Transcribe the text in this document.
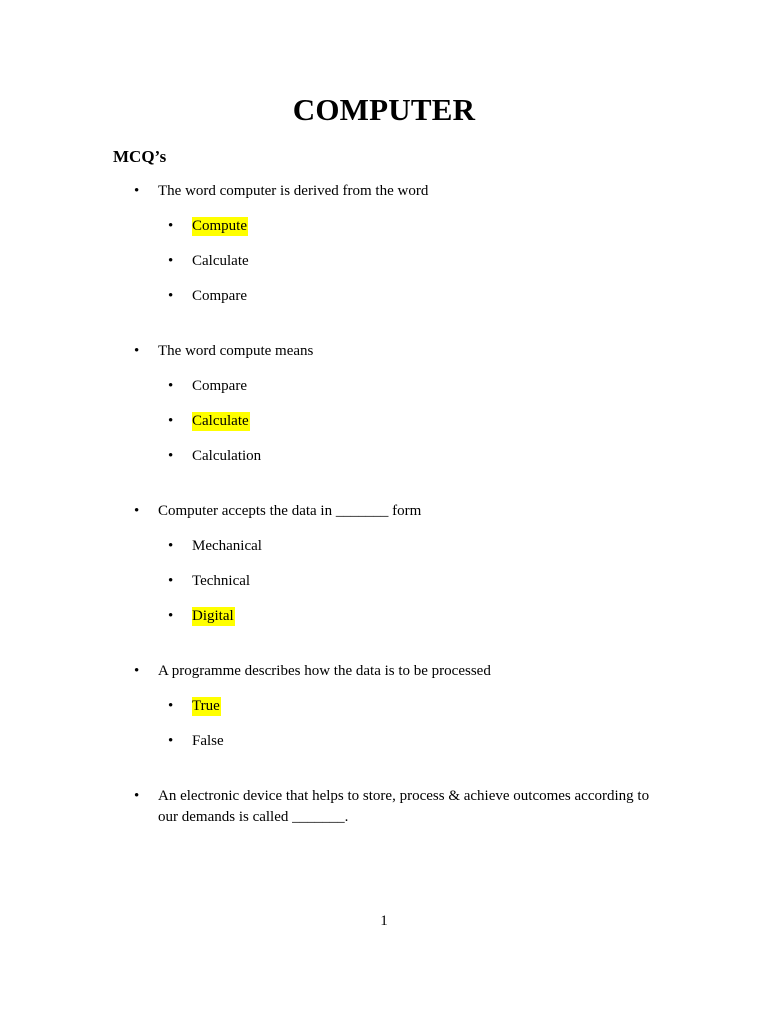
COMPUTER
MCQ’s
• The word computer is derived from the word
• Compute
• Calculate
• Compare
• The word compute means
• Compare
• Calculate
• Calculation
• Computer accepts the data in _______ form
• Mechanical
• Technical
• Digital
• A programme describes how the data is to be processed
• True
• False
• An electronic device that helps to store, process & achieve outcomes according to our demands is called _______.
1
